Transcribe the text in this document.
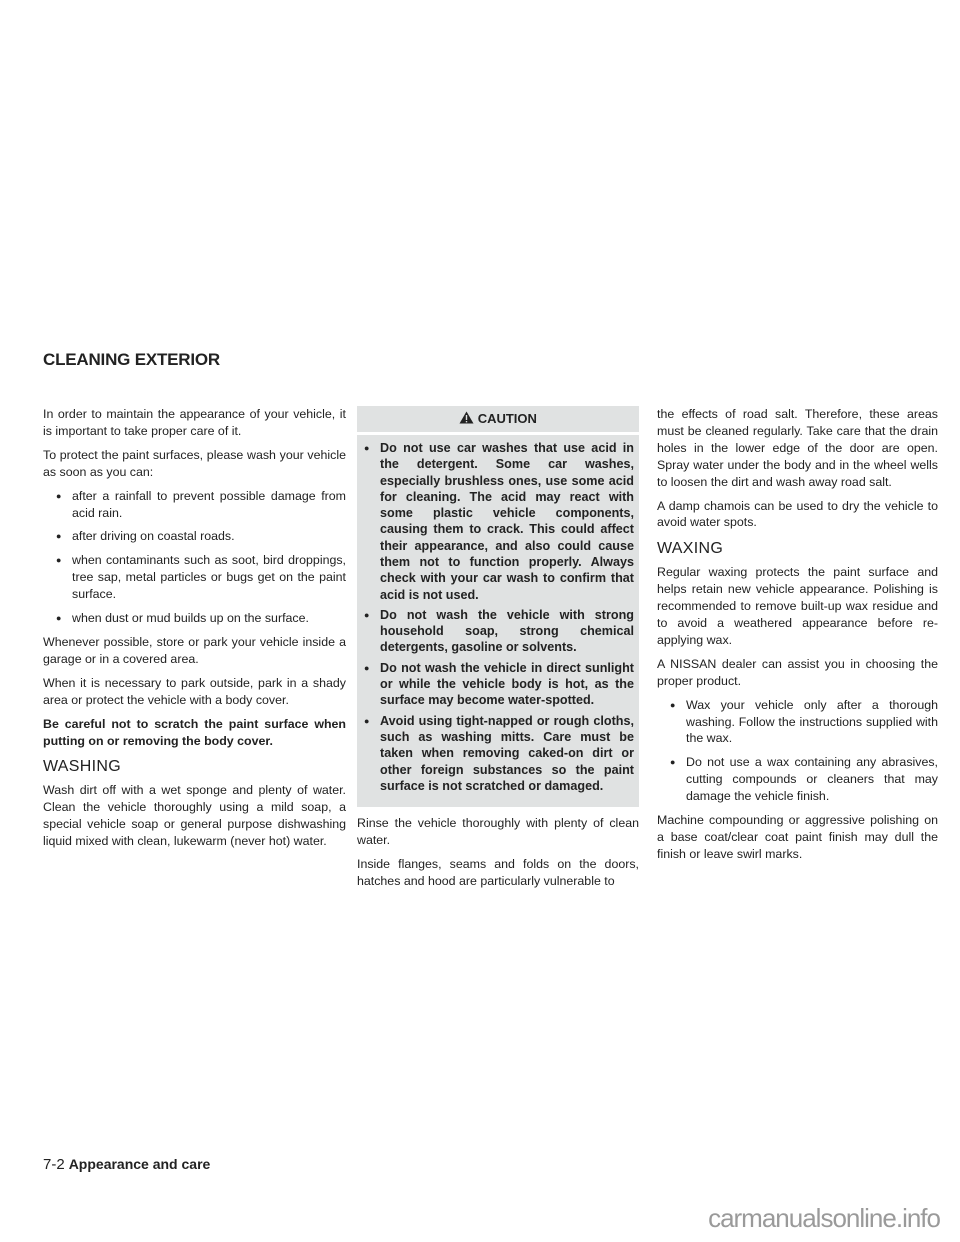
CLEANING EXTERIOR

In order to maintain the appearance of your vehicle, it is important to take proper care of it.

To protect the paint surfaces, please wash your vehicle as soon as you can:

● after a rainfall to prevent possible damage from acid rain.
● after driving on coastal roads.
● when contaminants such as soot, bird droppings, tree sap, metal particles or bugs get on the paint surface.
● when dust or mud builds up on the surface.

Whenever possible, store or park your vehicle inside a garage or in a covered area.

When it is necessary to park outside, park in a shady area or protect the vehicle with a body cover.

Be careful not to scratch the paint surface when putting on or removing the body cover.

WASHING

Wash dirt off with a wet sponge and plenty of water. Clean the vehicle thoroughly using a mild soap, a special vehicle soap or general purpose dishwashing liquid mixed with clean, lukewarm (never hot) water.

CAUTION
● Do not use car washes that use acid in the detergent. Some car washes, especially brushless ones, use some acid for cleaning. The acid may react with some plastic vehicle components, causing them to crack. This could affect their appearance, and also could cause them not to function properly. Always check with your car wash to confirm that acid is not used.
● Do not wash the vehicle with strong household soap, strong chemical detergents, gasoline or solvents.
● Do not wash the vehicle in direct sunlight or while the vehicle body is hot, as the surface may become water-spotted.
● Avoid using tight-napped or rough cloths, such as washing mitts. Care must be taken when removing caked-on dirt or other foreign substances so the paint surface is not scratched or damaged.

Rinse the vehicle thoroughly with plenty of clean water.

Inside flanges, seams and folds on the doors, hatches and hood are particularly vulnerable to

the effects of road salt. Therefore, these areas must be cleaned regularly. Take care that the drain holes in the lower edge of the door are open. Spray water under the body and in the wheel wells to loosen the dirt and wash away road salt.

A damp chamois can be used to dry the vehicle to avoid water spots.

WAXING

Regular waxing protects the paint surface and helps retain new vehicle appearance. Polishing is recommended to remove built-up wax residue and to avoid a weathered appearance before re-applying wax.

A NISSAN dealer can assist you in choosing the proper product.

● Wax your vehicle only after a thorough washing. Follow the instructions supplied with the wax.
● Do not use a wax containing any abrasives, cutting compounds or cleaners that may damage the vehicle finish.

Machine compounding or aggressive polishing on a base coat/clear coat paint finish may dull the finish or leave swirl marks.

7-2 Appearance and care
carmanualsonline.info
